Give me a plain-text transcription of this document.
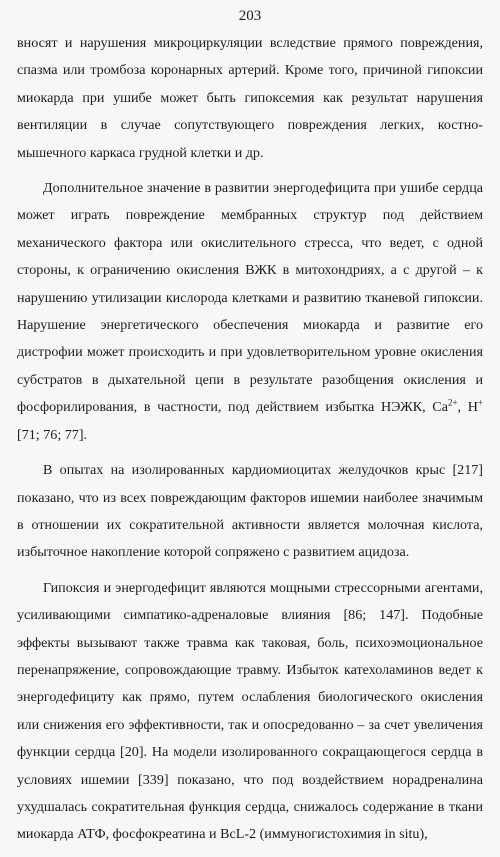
203

вносят и нарушения микроциркуляции вследствие прямого повреждения, спазма или тромбоза коронарных артерий. Кроме того, причиной гипоксии миокарда при ушибе может быть гипоксемия как результат нарушения вентиляции в случае сопутствующего повреждения легких, костно-мышечного каркаса грудной клетки и др.

Дополнительное значение в развитии энергодефицита при ушибе сердца может играть повреждение мембранных структур под действием механического фактора или окислительного стресса, что ведет, с одной стороны, к ограничению окисления ВЖК в митохондриях, а с другой – к нарушению утилизации кислорода клетками и развитию тканевой гипоксии. Нарушение энергетического обеспечения миокарда и развитие его дистрофии может происходить и при удовлетворительном уровне окисления субстратов в дыхательной цепи в результате разобщения окисления и фосфорилирования, в частности, под действием избытка НЭЖК, $Ca^{2+}$, H+ [71; 76; 77].

В опытах на изолированных кардиомиоцитах желудочков крыс [217] показано, что из всех повреждающим факторов ишемии наиболее значимым в отношении их сократительной активности является молочная кислота, избыточное накопление которой сопряжено с развитием ацидоза.

Гипоксия и энергодефицит являются мощными стрессорными агентами, усиливающими симпатико-адреналовые влияния [86; 147]. Подобные эффекты вызывают также травма как таковая, боль, психоэмоциональное перенапряжение, сопровождающие травму. Избыток катехоламинов ведет к энергодефициту как прямо, путем ослабления биологического окисления или снижения его эффективности, так и опосредованно – за счет увеличения функции сердца [20]. На модели изолированного сокращающегося сердца в условиях ишемии [339] показано, что под воздействием норадреналина ухудшалась сократительная функция сердца, снижалось содержание в ткани миокарда АТФ, фосфокреатина и BcL-2 (иммуногистохимия in situ),
